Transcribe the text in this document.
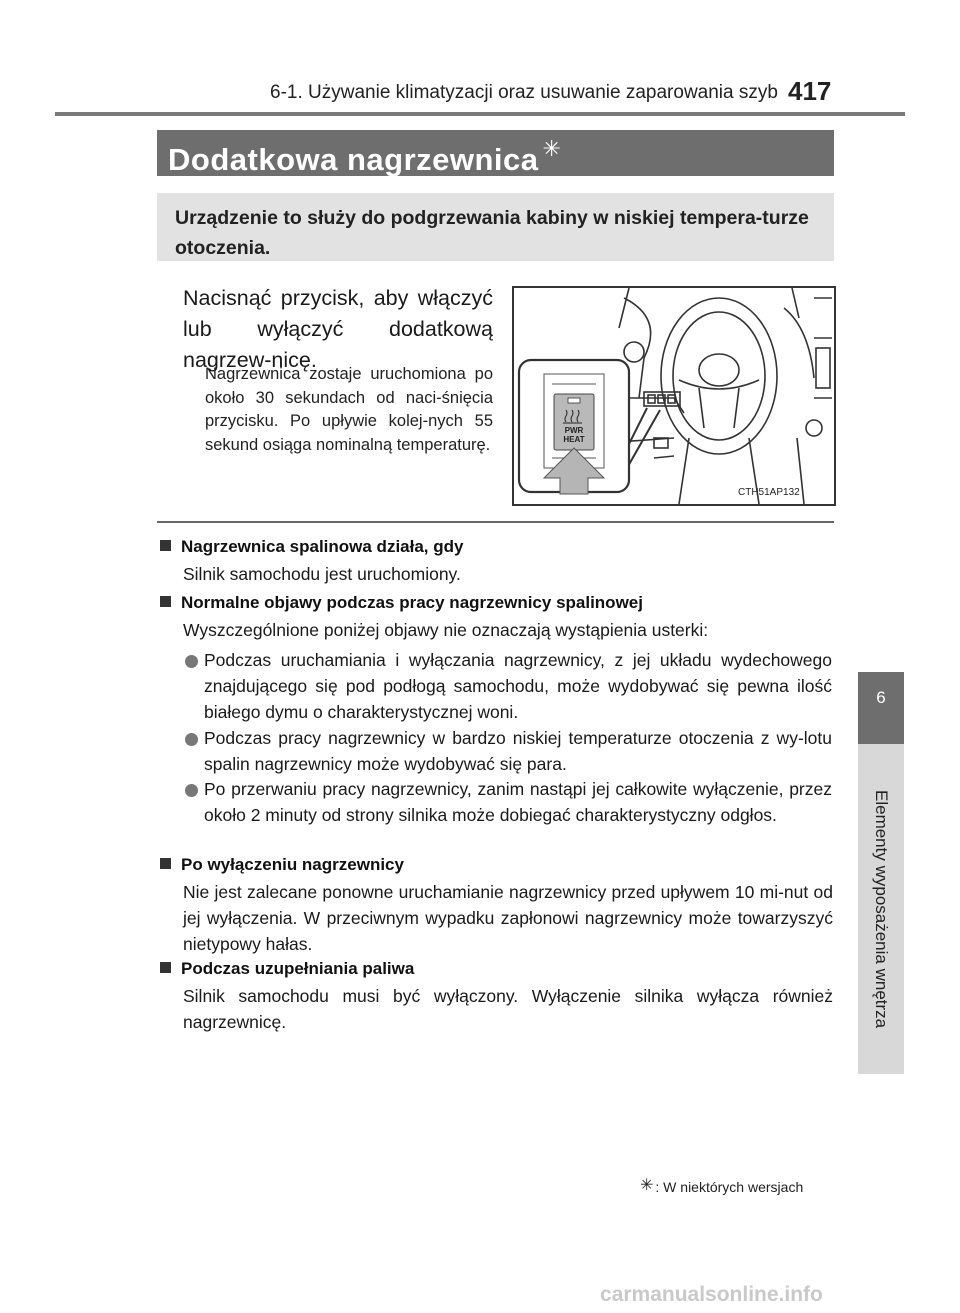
6-1. Używanie klimatyzacji oraz usuwanie zaparowania szyb 417
6
Elementy wyposażenia wnętrza
Dodatkowa nagrzewnica ✳
Urządzenie to służy do podgrzewania kabiny w niskiej tempera-turze otoczenia.
Nacisnąć przycisk, aby włączyć lub wyłączyć dodatkową nagrzew-nicę.
Nagrzewnica zostaje uruchomiona po około 30 sekundach od naci-śnięcia przycisku. Po upływie kolej-nych 55 sekund osiąga nominalną temperaturę.
PWR
HEAT
CTH51AP132
Nagrzewnica spalinowa działa, gdy
Silnik samochodu jest uruchomiony.
Normalne objawy podczas pracy nagrzewnicy spalinowej
Wyszczególnione poniżej objawy nie oznaczają wystąpienia usterki:
Podczas uruchamiania i wyłączania nagrzewnicy, z jej układu wydechowego znajdującego się pod podłogą samochodu, może wydobywać się pewna ilość białego dymu o charakterystycznej woni.
Podczas pracy nagrzewnicy w bardzo niskiej temperaturze otoczenia z wy-lotu spalin nagrzewnicy może wydobywać się para.
Po przerwaniu pracy nagrzewnicy, zanim nastąpi jej całkowite wyłączenie, przez około 2 minuty od strony silnika może dobiegać charakterystyczny odgłos.
Po wyłączeniu nagrzewnicy
Nie jest zalecane ponowne uruchamianie nagrzewnicy przed upływem 10 mi-nut od jej wyłączenia. W przeciwnym wypadku zapłonowi nagrzewnicy może towarzyszyć nietypowy hałas.
Podczas uzupełniania paliwa
Silnik samochodu musi być wyłączony. Wyłączenie silnika wyłącza również nagrzewnicę.
✳ : W niektórych wersjach
carmanualsonline.info
